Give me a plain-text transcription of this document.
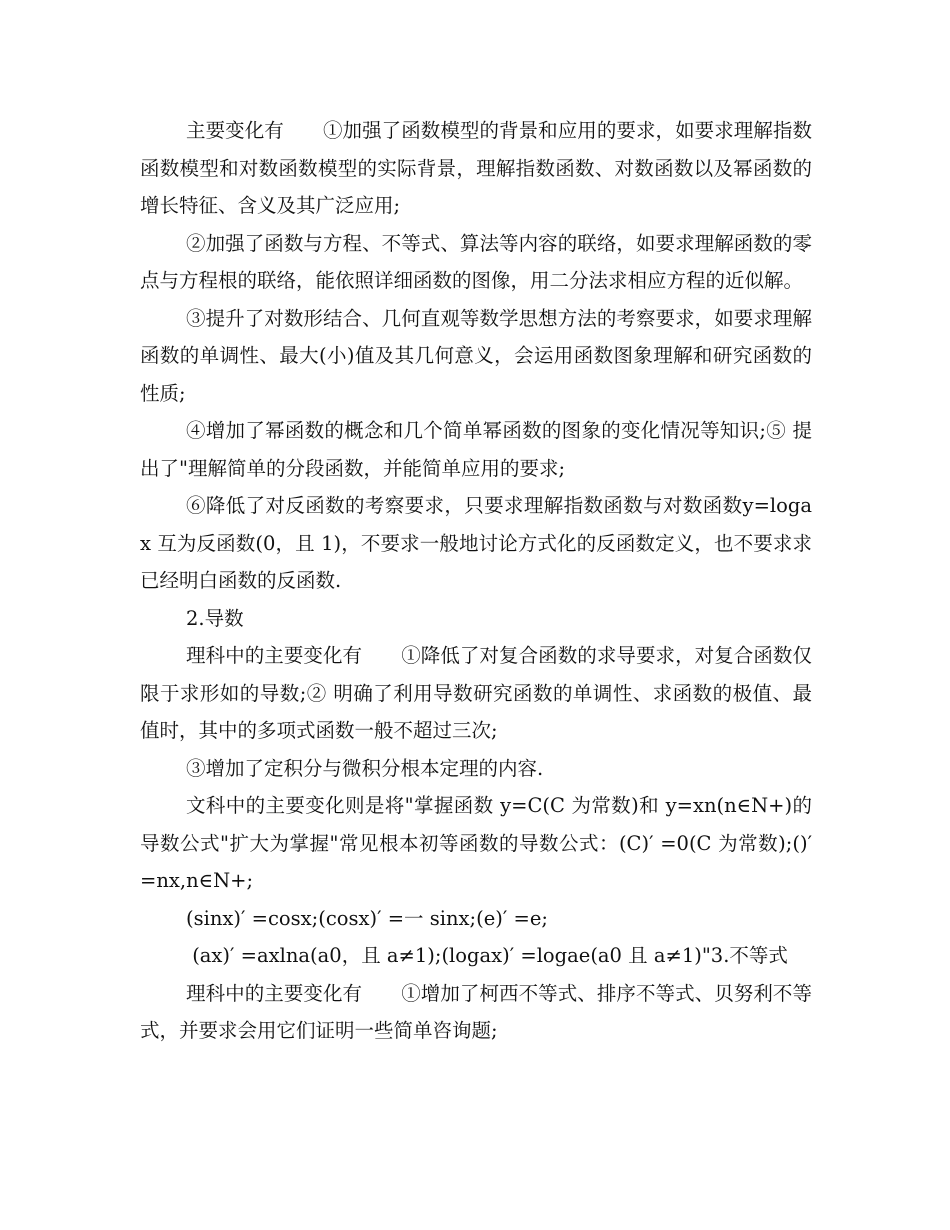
主要变化有　　①加强了函数模型的背景和应用的要求，如要求理解指数函数模型和对数函数模型的实际背景，理解指数函数、对数函数以及幂函数的增长特征、含义及其广泛应用;

②加强了函数与方程、不等式、算法等内容的联络，如要求理解函数的零点与方程根的联络，能依照详细函数的图像，用二分法求相应方程的近似解。

③提升了对数形结合、几何直观等数学思想方法的考察要求，如要求理解函数的单调性、最大(小)值及其几何意义，会运用函数图象理解和研究函数的性质;

④增加了幂函数的概念和几个简单幂函数的图象的变化情况等知识;⑤ 提出了"理解简单的分段函数，并能简单应用的要求;

⑥降低了对反函数的考察要求，只要求理解指数函数与对数函数y=logax 互为反函数(0，且 1)，不要求一般地讨论方式化的反函数定义，也不要求求已经明白函数的反函数.

2.导数

理科中的主要变化有　　①降低了对复合函数的求导要求，对复合函数仅限于求形如的导数;② 明确了利用导数研究函数的单调性、求函数的极值、最值时，其中的多项式函数一般不超过三次;

③增加了定积分与微积分根本定理的内容.

文科中的主要变化则是将"掌握函数 y=C(C 为常数)和 y=xn(n∈N+)的导数公式"扩大为掌握"常见根本初等函数的导数公式：(C)′ =0(C 为常数);()′ =nx,n∈N+;

(sinx)′ =cosx;(cosx)′ =一 sinx;(e)′ =e;

(ax)′ =axlna(a0，且 a≠1);(logax)′ =logae(a0 且 a≠1)"3.不等式

理科中的主要变化有　　①增加了柯西不等式、排序不等式、贝努利不等式，并要求会用它们证明一些简单咨询题;
